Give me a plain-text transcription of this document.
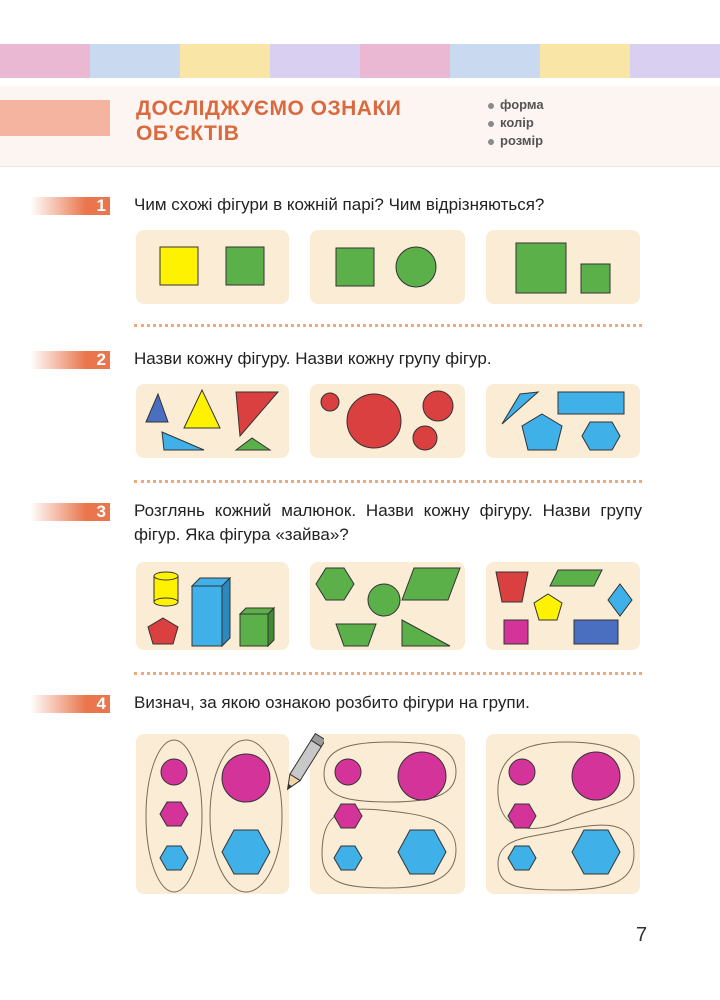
ДОСЛІДЖУЄМО ОЗНАКИ
ОБ’ЄКТІВ
форма
колір
розмір
1 Чим схожі фігури в кожній парі? Чим відрізняються?
2 Назви кожну фігуру. Назви кожну групу фігур.
3 Розглянь кожний малюнок. Назви кожну фігуру. Назви групу фігур. Яка фігура «зайва»?
4 Визнач, за якою ознакою розбито фігури на групи.
7
